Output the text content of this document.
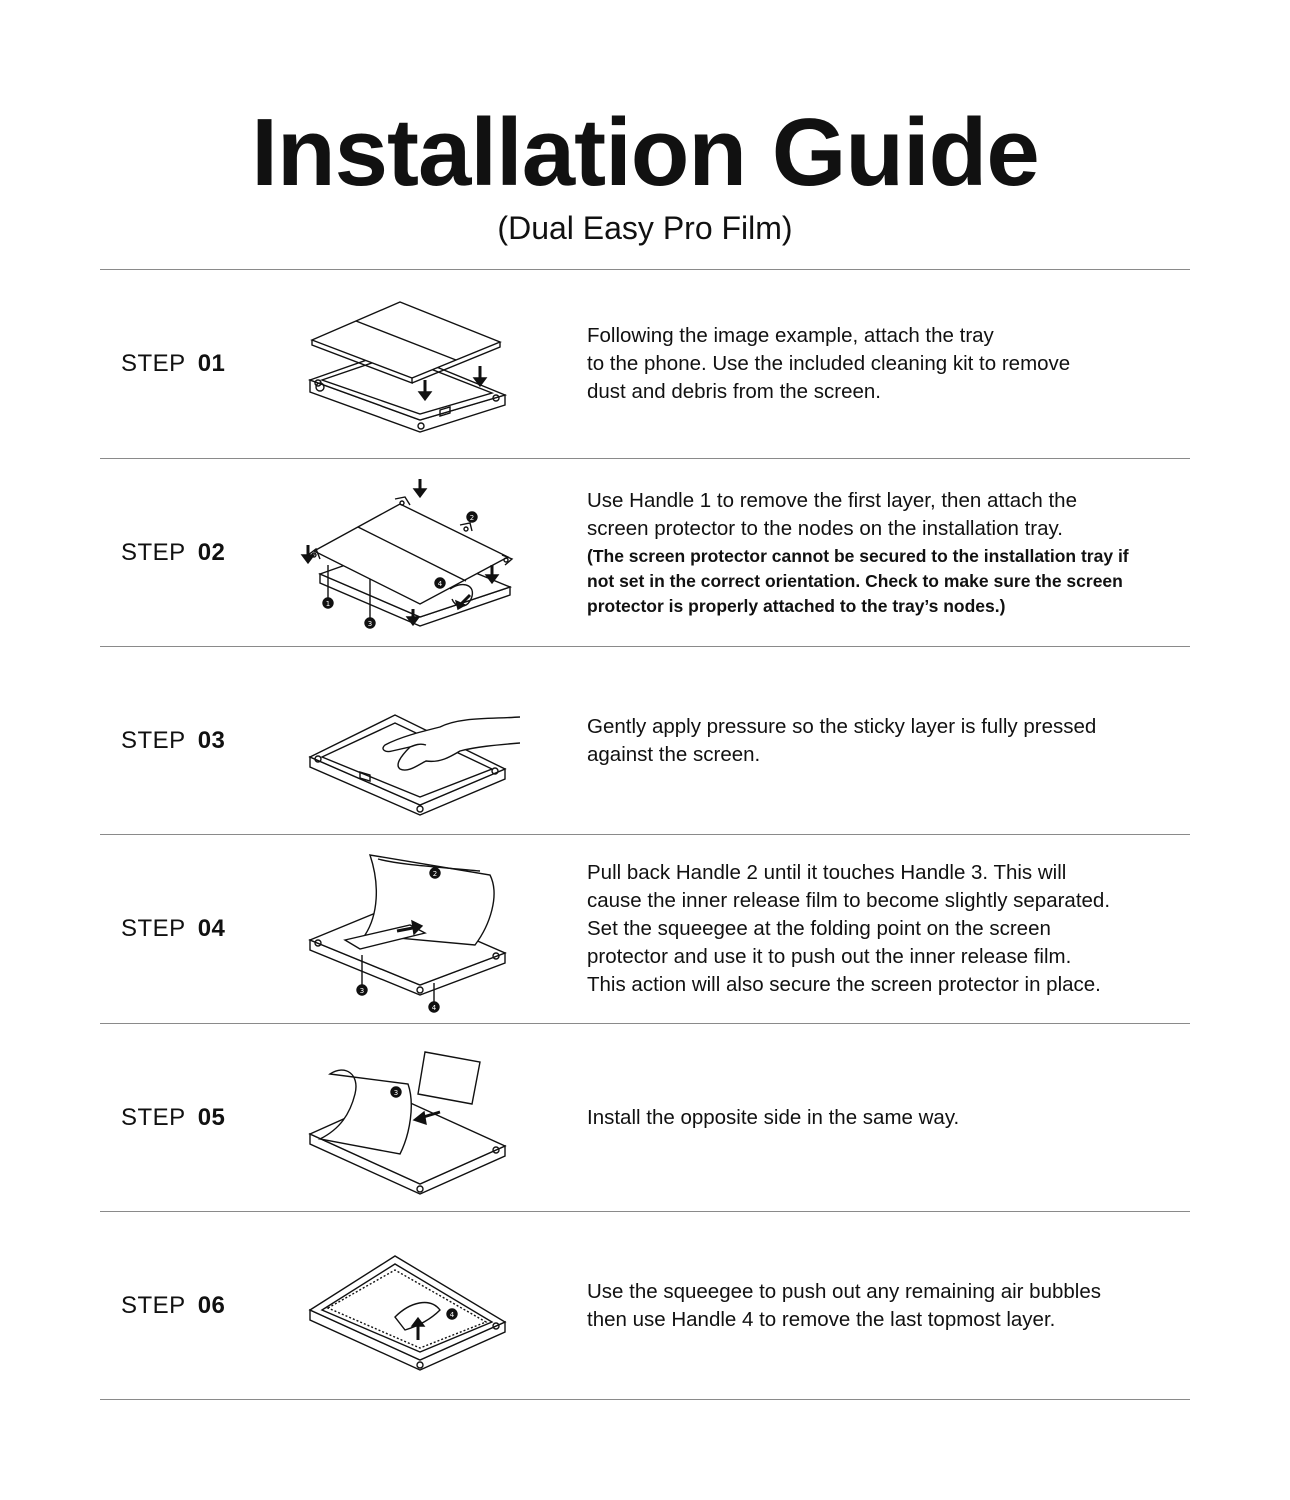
Installation Guide
(Dual Easy Pro Film)
STEP 01
Following the image example, attach the tray
to the phone. Use the included cleaning kit to remove
dust and debris from the screen.
STEP 02
1
2
3
4
Use Handle 1 to remove the first layer, then attach the
screen protector to the nodes on the installation tray.
(The screen protector cannot be secured to the installation tray if
not set in the correct orientation. Check to make sure the screen
protector is properly attached to the tray’s nodes.)
STEP 03
Gently apply pressure so the sticky layer is fully pressed
against the screen.
STEP 04
2
3
4
Pull back Handle 2 until it touches Handle 3. This will
cause the inner release film to become slightly separated.
Set the squeegee at the folding point on the screen
protector and use it to push out the inner release film.
This action will also secure the screen protector in place.
STEP 05
3
Install the opposite side in the same way.
STEP 06	4
Use the squeegee to push out any remaining air bubbles
then use Handle 4 to remove the last topmost layer.
